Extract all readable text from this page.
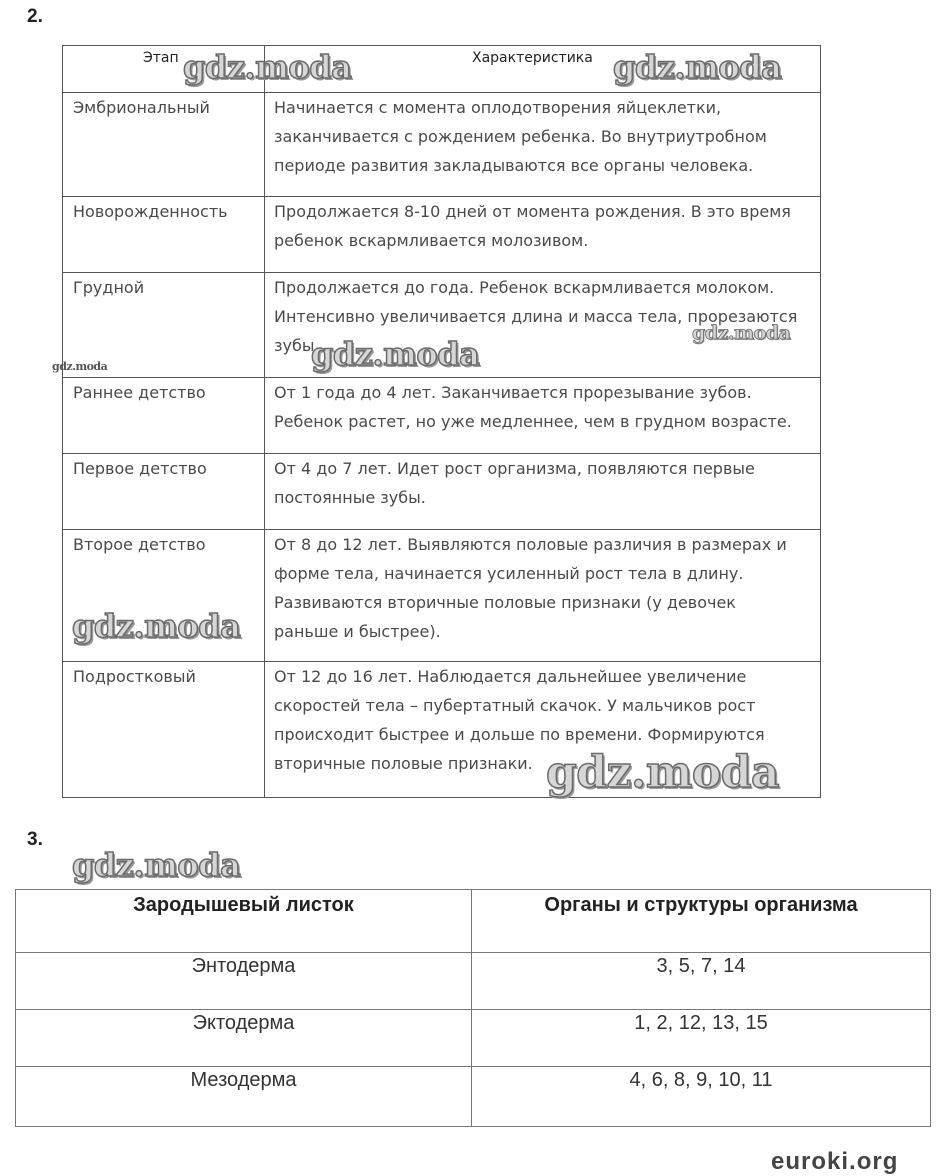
2.
Этап	Характеристика

Эмбриональный	Начинается с момента оплодотворения яйцеклетки,
заканчивается с рождением ребенка. Во внутриутробном
периоде развития закладываются все органы человека.

Новорожденность	Продолжается 8-10 дней от момента рождения. В это время
ребенок вскармливается молозивом.

Грудной	Продолжается до года. Ребенок вскармливается молоком.
Интенсивно увеличивается длина и масса тела, прорезаются
зубы.

Раннее детство	От 1 года до 4 лет. Заканчивается прорезывание зубов.
Ребенок растет, но уже медленнее, чем в грудном возрасте.

Первое детство	От 4 до 7 лет. Идет рост организма, появляются первые
постоянные зубы.

Второе детство	От 8 до 12 лет. Выявляются половые различия в размерах и
форме тела, начинается усиленный рост тела в длину.
Развиваются вторичные половые признаки (у девочек
раньше и быстрее).

Подростковый	От 12 до 16 лет. Наблюдается дальнейшее увеличение
скоростей тела – пубертатный скачок. У мальчиков рост
происходит быстрее и дольше по времени. Формируются
вторичные половые признаки.
3.
Зародышевый листок	Органы и структуры организма
Энтодерма	3, 5, 7, 14
Эктодерма	1, 2, 12, 13, 15
Мезодерма	4, 6, 8, 9, 10, 11
gdz.moda	gdz.moda
gdz.moda
gdz.moda
gdz.moda
gdz.moda
gdz.moda
gdz.moda
euroki.org
